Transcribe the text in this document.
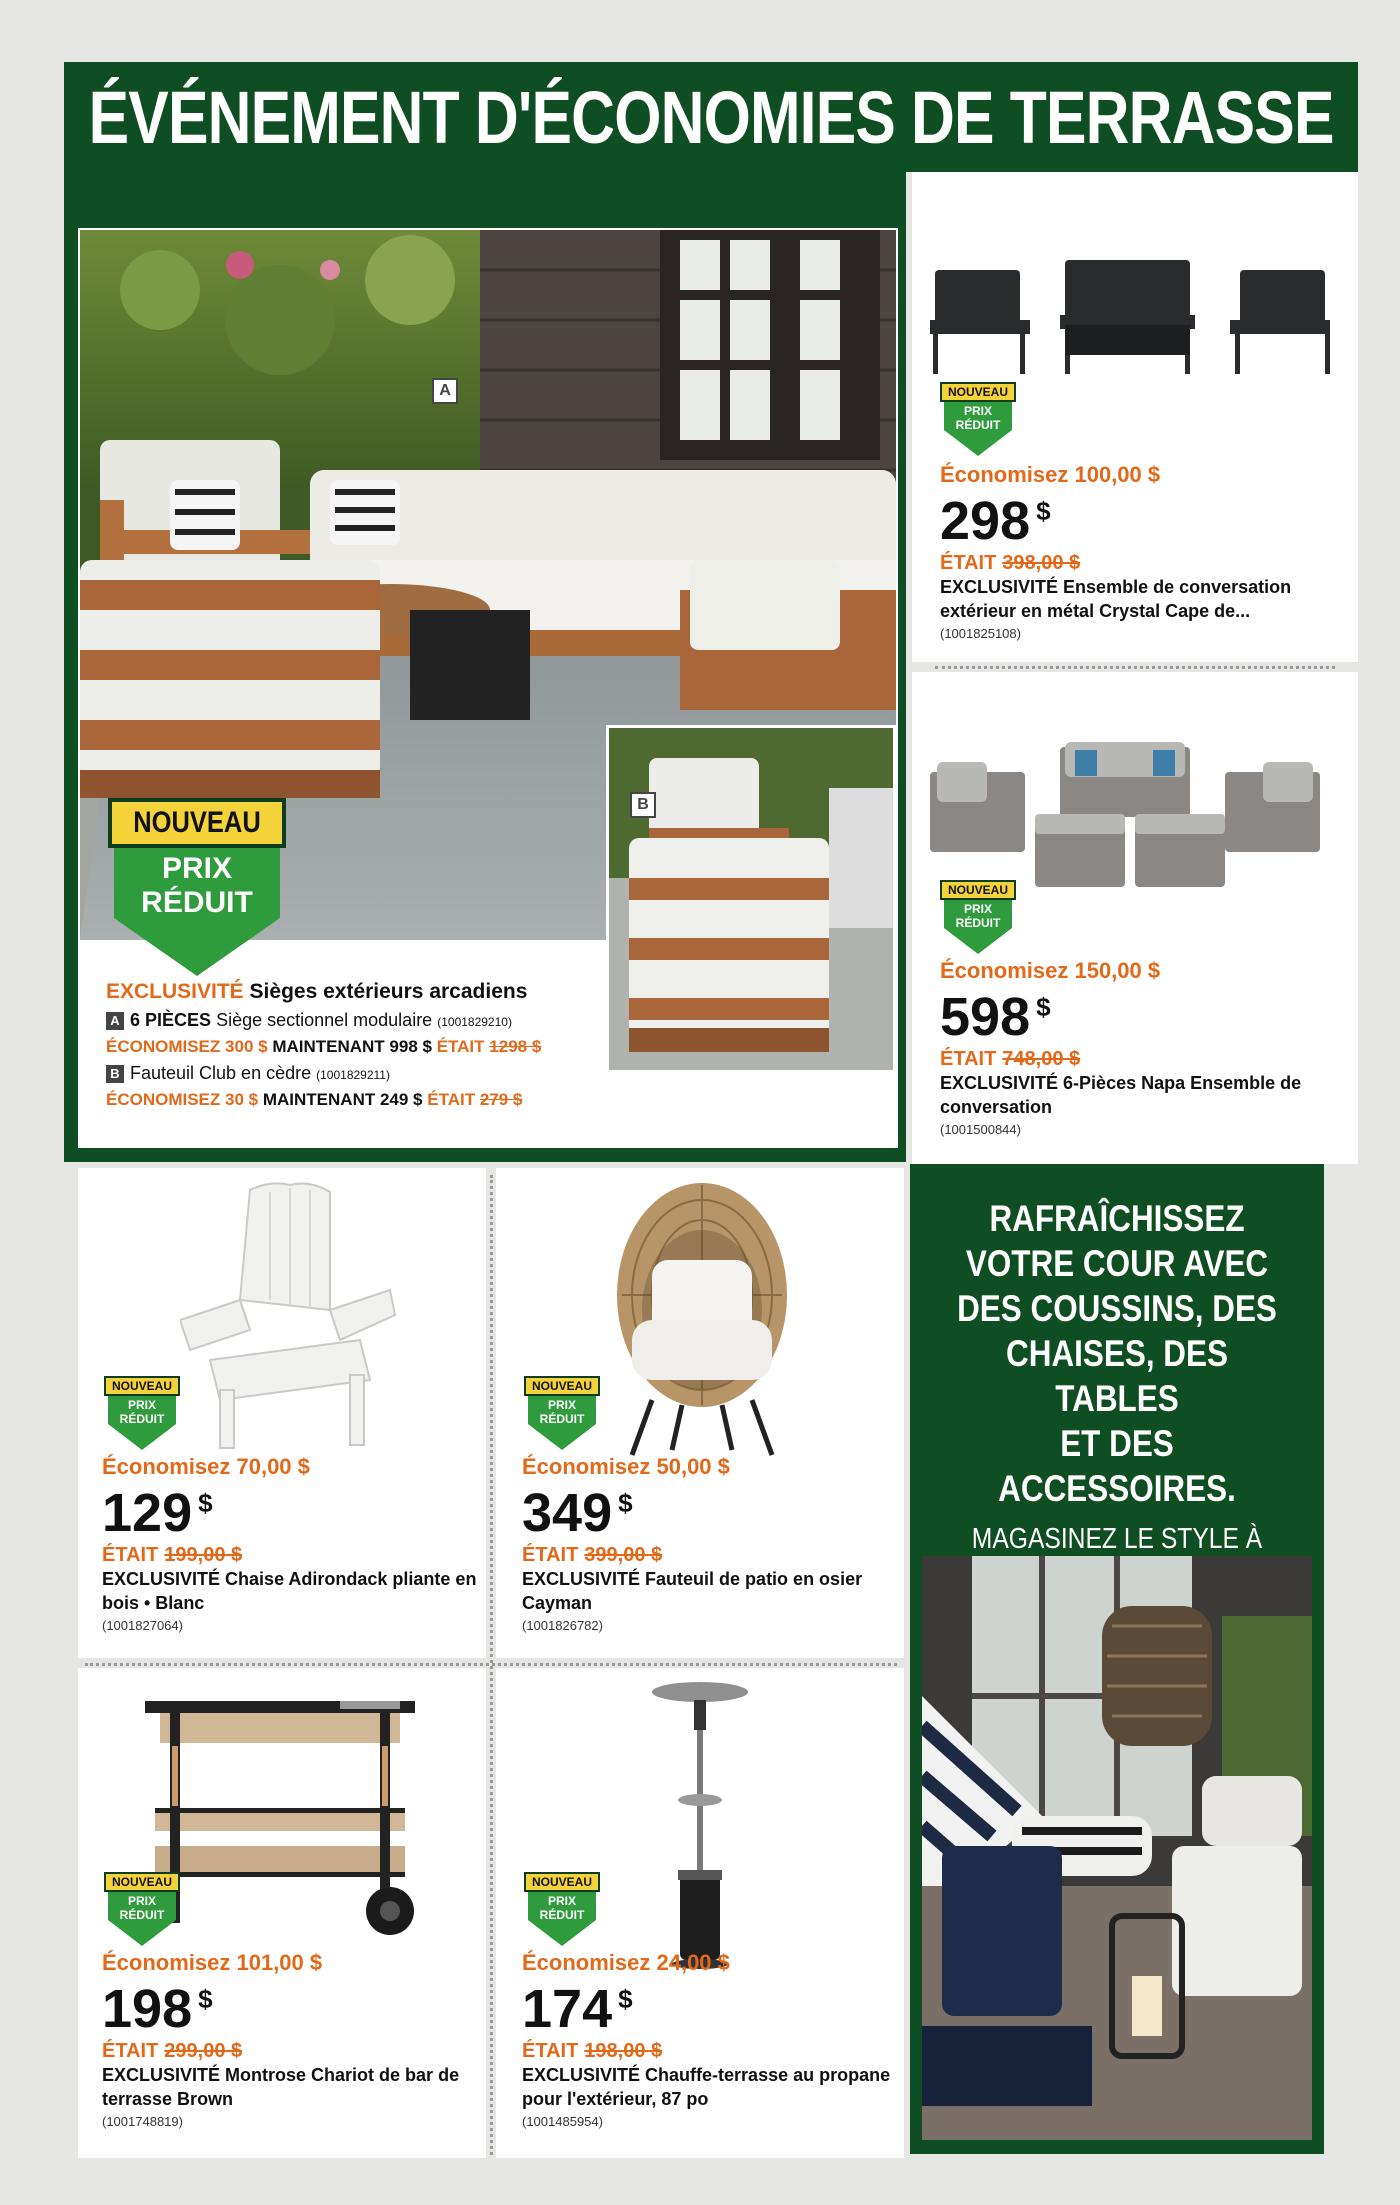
ÉVÉNEMENT D'ÉCONOMIES DE TERRASSE
A
B
NOUVEAU
PRIX
RÉDUIT
EXCLUSIVITÉ Sièges extérieurs arcadiens
A 6 PIÈCES Siège sectionnel modulaire (1001829210)
ÉCONOMISEZ 300 $ MAINTENANT 998 $ ÉTAIT 1298 $
B Fauteuil Club en cèdre (1001829211)
ÉCONOMISEZ 30 $ MAINTENANT 249 $ ÉTAIT 279 $
RAFRAÎCHISSEZ
VOTRE COUR AVEC
DES COUSSINS, DES
CHAISES, DES TABLES
ET DES ACCESSOIRES.
MAGASINEZ LE STYLE À
NOUVEAU
PRIX
RÉDUIT
Économisez 100,00 $
298 $
ÉTAIT 398,00 $
EXCLUSIVITÉ Ensemble de conversation extérieur en métal Crystal Cape de...
(1001825108)
NOUVEAU
PRIX
RÉDUIT
Économisez 150,00 $
598 $
ÉTAIT 748,00 $
EXCLUSIVITÉ 6-Pièces Napa Ensemble de conversation
(1001500844)
NOUVEAU
PRIX
RÉDUIT
Économisez 70,00 $
129 $
ÉTAIT 199,00 $
EXCLUSIVITÉ Chaise Adirondack pliante en bois • Blanc
(1001827064)
NOUVEAU
PRIX
RÉDUIT
Économisez 50,00 $
349 $
ÉTAIT 399,00 $
EXCLUSIVITÉ Fauteuil de patio en osier Cayman
(1001826782)
NOUVEAU
PRIX
RÉDUIT
Économisez 101,00 $
198 $
ÉTAIT 299,00 $
EXCLUSIVITÉ Montrose Chariot de bar de terrasse Brown
(1001748819)
NOUVEAU
PRIX
RÉDUIT
Économisez 24,00 $
174 $
ÉTAIT 198,00 $
EXCLUSIVITÉ Chauffe-terrasse au propane pour l'extérieur, 87 po
(1001485954)
